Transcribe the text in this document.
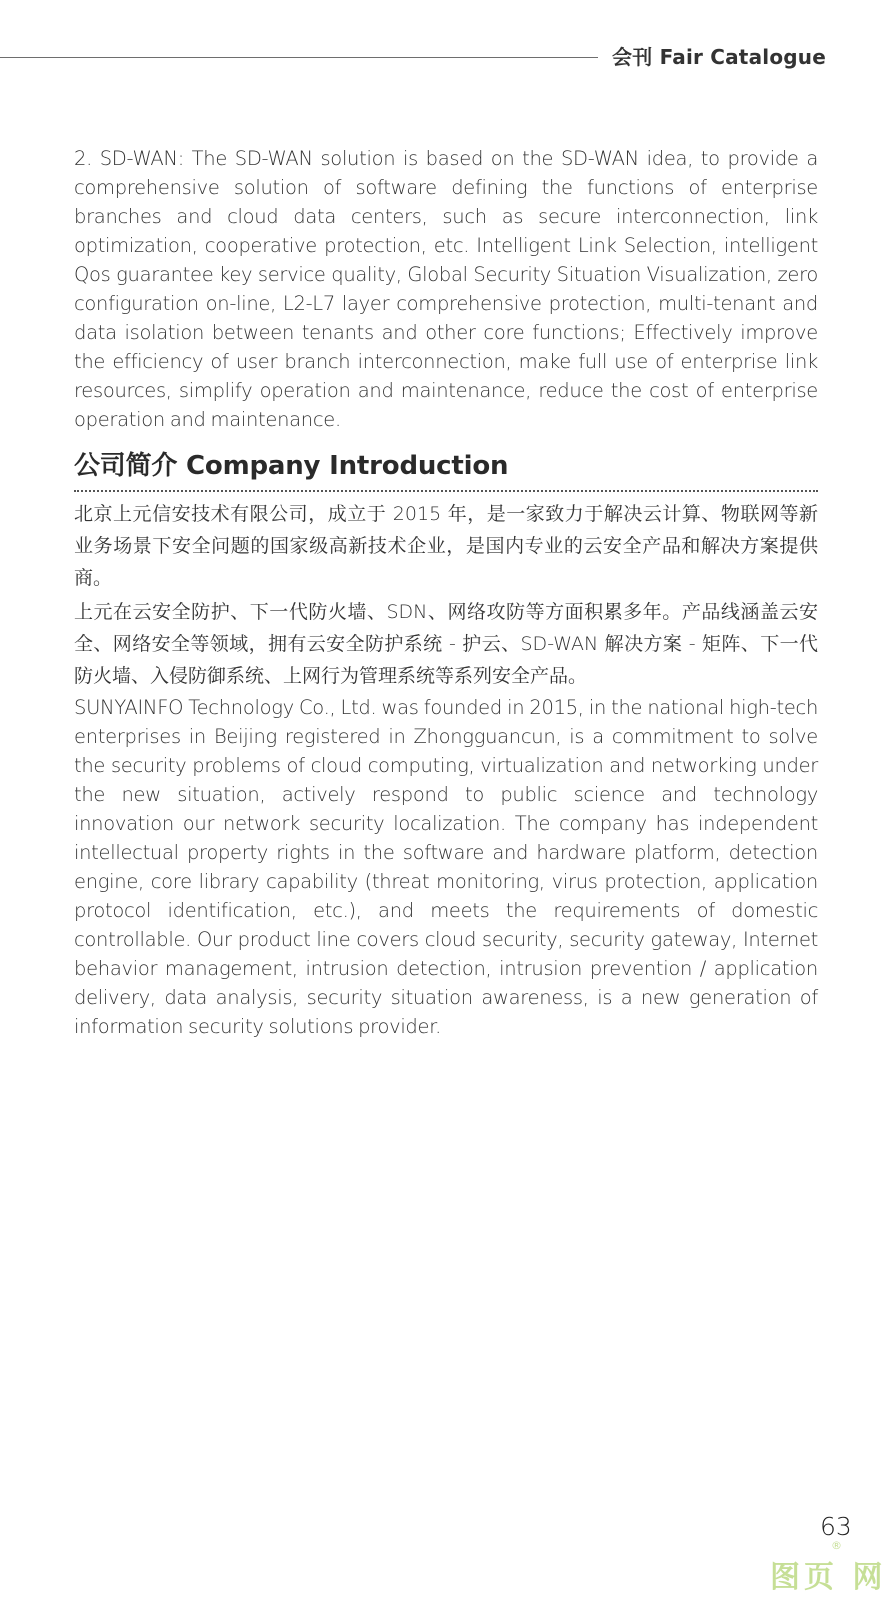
会刊 Fair Catalogue

2. SD-WAN: The SD-WAN solution is based on the SD-WAN idea, to provide a comprehensive solution of software defining the functions of enterprise branches and cloud data centers, such as secure interconnection, link optimization, cooperative protection, etc. Intelligent Link Selection, intelligent Qos guarantee key service quality, Global Security Situation Visualization, zero configuration on-line, L2-L7 layer comprehensive protection, multi-tenant and data isolation between tenants and other core functions; Effectively improve the efficiency of user branch interconnection, make full use of enterprise link resources, simplify operation and maintenance, reduce the cost of enterprise operation and maintenance.

公司简介 Company Introduction

北京上元信安技术有限公司，成立于 2015 年，是一家致力于解决云计算、物联网等新业务场景下安全问题的国家级高新技术企业，是国内专业的云安全产品和解决方案提供商。

上元在云安全防护、下一代防火墙、SDN、网络攻防等方面积累多年。产品线涵盖云安全、网络安全等领域，拥有云安全防护系统 - 护云、SD-WAN 解决方案 - 矩阵、下一代防火墙、入侵防御系统、上网行为管理系统等系列安全产品。

SUNYAINFO Technology Co., Ltd. was founded in 2015, in the national high-tech enterprises in Beijing registered in Zhongguancun, is a commitment to solve the security problems of cloud computing, virtualization and networking under the new situation, actively respond to public science and technology innovation our network security localization. The company has independent intellectual property rights in the software and hardware platform, detection engine, core library capability (threat monitoring, virus protection, application protocol identification, etc.), and meets the requirements of domestic controllable. Our product line covers cloud security, security gateway, Internet behavior management, intrusion detection, intrusion prevention / application delivery, data analysis, security situation awareness, is a new generation of information security solutions provider.

63
图页 网
®
